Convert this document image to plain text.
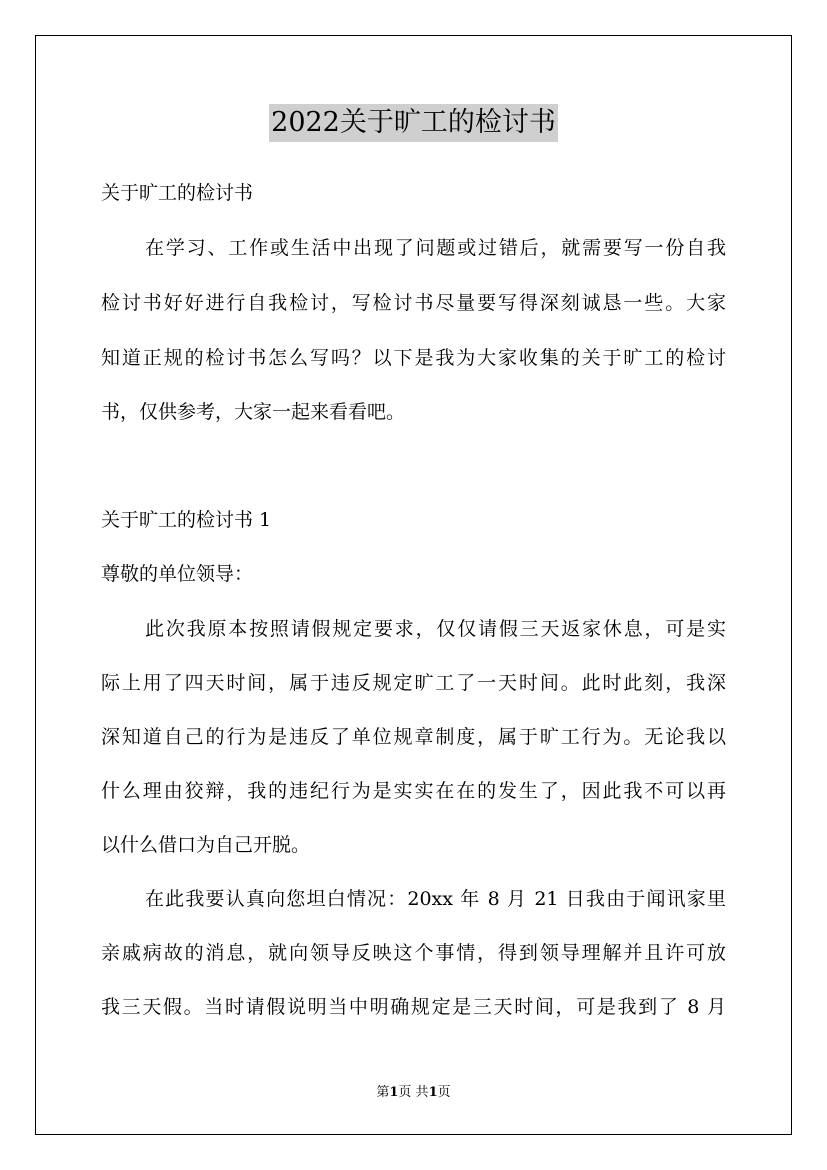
2022关于旷工的检讨书
关于旷工的检讨书
在学习、工作或生活中出现了问题或过错后，就需要写一份自我
检讨书好好进行自我检讨，写检讨书尽量要写得深刻诚恳一些。大家
知道正规的检讨书怎么写吗？以下是我为大家收集的关于旷工的检讨
书，仅供参考，大家一起来看看吧。
关于旷工的检讨书 1
尊敬的单位领导：
此次我原本按照请假规定要求，仅仅请假三天返家休息，可是实
际上用了四天时间，属于违反规定旷工了一天时间。此时此刻，我深
深知道自己的行为是违反了单位规章制度，属于旷工行为。无论我以
什么理由狡辩，我的违纪行为是实实在在的发生了，因此我不可以再
以什么借口为自己开脱。
在此我要认真向您坦白情况：20xx 年 8 月 21 日我由于闻讯家里
亲戚病故的消息，就向领导反映这个事情，得到领导理解并且许可放
我三天假。当时请假说明当中明确规定是三天时间，可是我到了 8 月
第1页 共1页
